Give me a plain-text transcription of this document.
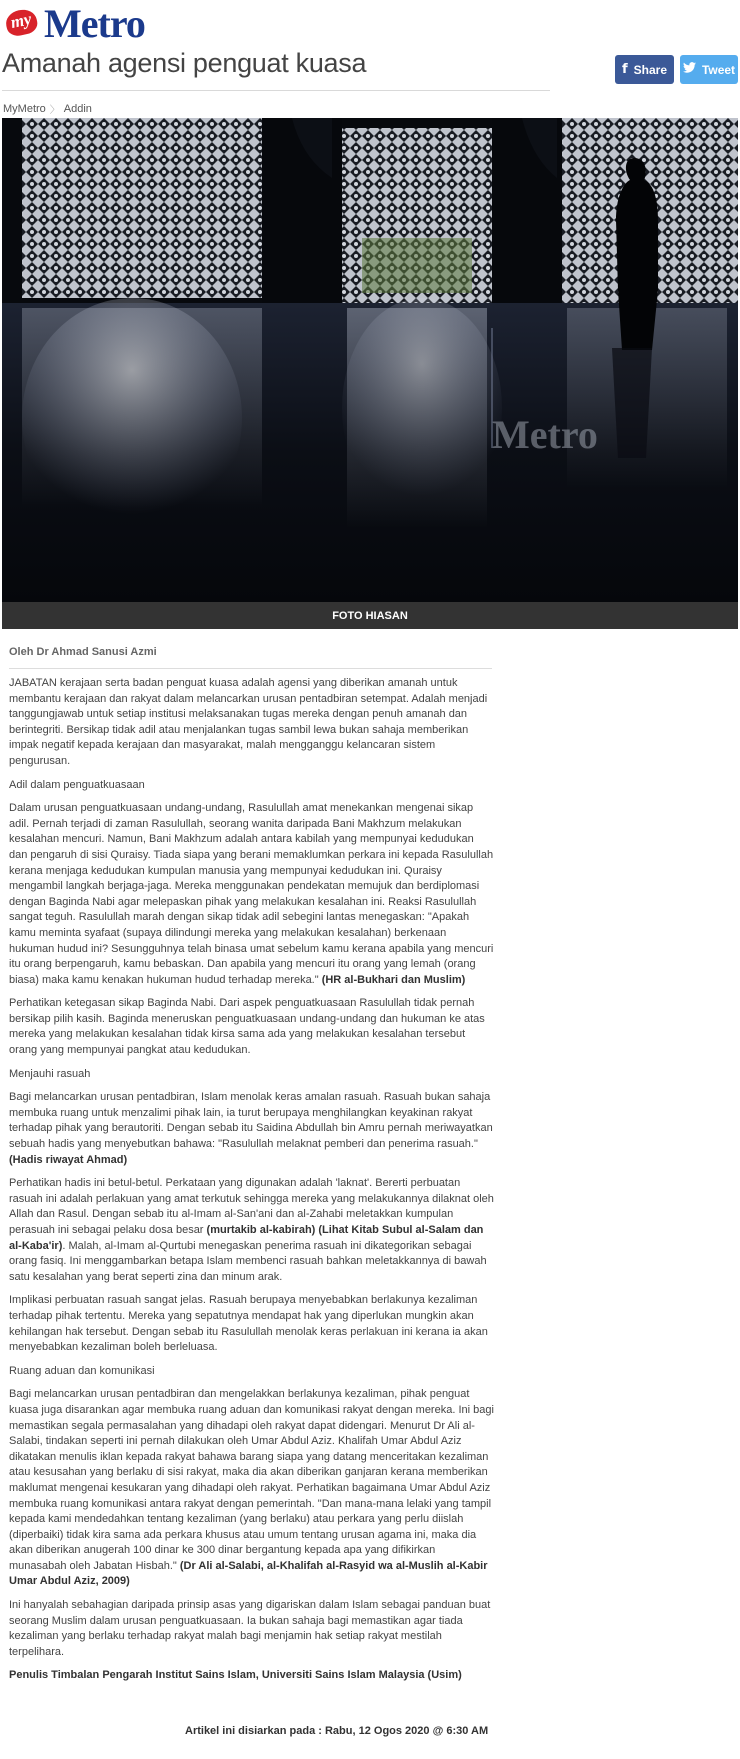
my Metro
Amanah agensi penguat kuasa	f Share	Tweet
MyMetro 〉 Addin
Metro
FOTO HIASAN
Oleh Dr Ahmad Sanusi Azmi

JABATAN kerajaan serta badan penguat kuasa adalah agensi yang diberikan amanah untuk membantu kerajaan dan rakyat dalam melancarkan urusan pentadbiran setempat. Adalah menjadi tanggungjawab untuk setiap institusi melaksanakan tugas mereka dengan penuh amanah dan berintegriti. Bersikap tidak adil atau menjalankan tugas sambil lewa bukan sahaja memberikan impak negatif kepada kerajaan dan masyarakat, malah mengganggu kelancaran sistem pengurusan.

Adil dalam penguatkuasaan

Dalam urusan penguatkuasaan undang-undang, Rasulullah amat menekankan mengenai sikap adil. Pernah terjadi di zaman Rasulullah, seorang wanita daripada Bani Makhzum melakukan kesalahan mencuri. Namun, Bani Makhzum adalah antara kabilah yang mempunyai kedudukan dan pengaruh di sisi Quraisy. Tiada siapa yang berani memaklumkan perkara ini kepada Rasulullah kerana menjaga kedudukan kumpulan manusia yang mempunyai kedudukan ini. Quraisy mengambil langkah berjaga-jaga. Mereka menggunakan pendekatan memujuk dan berdiplomasi dengan Baginda Nabi agar melepaskan pihak yang melakukan kesalahan ini. Reaksi Rasulullah sangat teguh. Rasulullah marah dengan sikap tidak adil sebegini lantas menegaskan: "Apakah kamu meminta syafaat (supaya dilindungi mereka yang melakukan kesalahan) berkenaan hukuman hudud ini? Sesungguhnya telah binasa umat sebelum kamu kerana apabila yang mencuri itu orang berpengaruh, kamu bebaskan. Dan apabila yang mencuri itu orang yang lemah (orang biasa) maka kamu kenakan hukuman hudud terhadap mereka." (HR al-Bukhari dan Muslim)

Perhatikan ketegasan sikap Baginda Nabi. Dari aspek penguatkuasaan Rasulullah tidak pernah bersikap pilih kasih. Baginda meneruskan penguatkuasaan undang-undang dan hukuman ke atas mereka yang melakukan kesalahan tidak kirsa sama ada yang melakukan kesalahan tersebut orang yang mempunyai pangkat atau kedudukan.

Menjauhi rasuah

Bagi melancarkan urusan pentadbiran, Islam menolak keras amalan rasuah. Rasuah bukan sahaja membuka ruang untuk menzalimi pihak lain, ia turut berupaya menghilangkan keyakinan rakyat terhadap pihak yang berautoriti. Dengan sebab itu Saidina Abdullah bin Amru pernah meriwayatkan sebuah hadis yang menyebutkan bahawa: "Rasulullah melaknat pemberi dan penerima rasuah." (Hadis riwayat Ahmad)

Perhatikan hadis ini betul-betul. Perkataan yang digunakan adalah 'laknat'. Bererti perbuatan rasuah ini adalah perlakuan yang amat terkutuk sehingga mereka yang melakukannya dilaknat oleh Allah dan Rasul. Dengan sebab itu al-Imam al-San'ani dan al-Zahabi meletakkan kumpulan perasuah ini sebagai pelaku dosa besar (murtakib al-kabirah) (Lihat Kitab Subul al-Salam dan al-Kaba'ir). Malah, al-Imam al-Qurtubi menegaskan penerima rasuah ini dikategorikan sebagai orang fasiq. Ini menggambarkan betapa Islam membenci rasuah bahkan meletakkannya di bawah satu kesalahan yang berat seperti zina dan minum arak.

Implikasi perbuatan rasuah sangat jelas. Rasuah berupaya menyebabkan berlakunya kezaliman terhadap pihak tertentu. Mereka yang sepatutnya mendapat hak yang diperlukan mungkin akan kehilangan hak tersebut. Dengan sebab itu Rasulullah menolak keras perlakuan ini kerana ia akan menyebabkan kezaliman boleh berleluasa.

Ruang aduan dan komunikasi

Bagi melancarkan urusan pentadbiran dan mengelakkan berlakunya kezaliman, pihak penguat kuasa juga disarankan agar membuka ruang aduan dan komunikasi rakyat dengan mereka. Ini bagi memastikan segala permasalahan yang dihadapi oleh rakyat dapat didengari. Menurut Dr Ali al-Salabi, tindakan seperti ini pernah dilakukan oleh Umar Abdul Aziz. Khalifah Umar Abdul Aziz dikatakan menulis iklan kepada rakyat bahawa barang siapa yang datang menceritakan kezaliman atau kesusahan yang berlaku di sisi rakyat, maka dia akan diberikan ganjaran kerana memberikan maklumat mengenai kesukaran yang dihadapi oleh rakyat. Perhatikan bagaimana Umar Abdul Aziz membuka ruang komunikasi antara rakyat dengan pemerintah. "Dan mana-mana lelaki yang tampil kepada kami mendedahkan tentang kezaliman (yang berlaku) atau perkara yang perlu diislah (diperbaiki) tidak kira sama ada perkara khusus atau umum tentang urusan agama ini, maka dia akan diberikan anugerah 100 dinar ke 300 dinar bergantung kepada apa yang difikirkan munasabah oleh Jabatan Hisbah." (Dr Ali al-Salabi, al-Khalifah al-Rasyid wa al-Muslih al-Kabir Umar Abdul Aziz, 2009)

Ini hanyalah sebahagian daripada prinsip asas yang digariskan dalam Islam sebagai panduan buat seorang Muslim dalam urusan penguatkuasaan. Ia bukan sahaja bagi memastikan agar tiada kezaliman yang berlaku terhadap rakyat malah bagi menjamin hak setiap rakyat mestilah terpelihara.

Penulis Timbalan Pengarah Institut Sains Islam, Universiti Sains Islam Malaysia (Usim)

Artikel ini disiarkan pada : Rabu, 12 Ogos 2020 @ 6:30 AM
